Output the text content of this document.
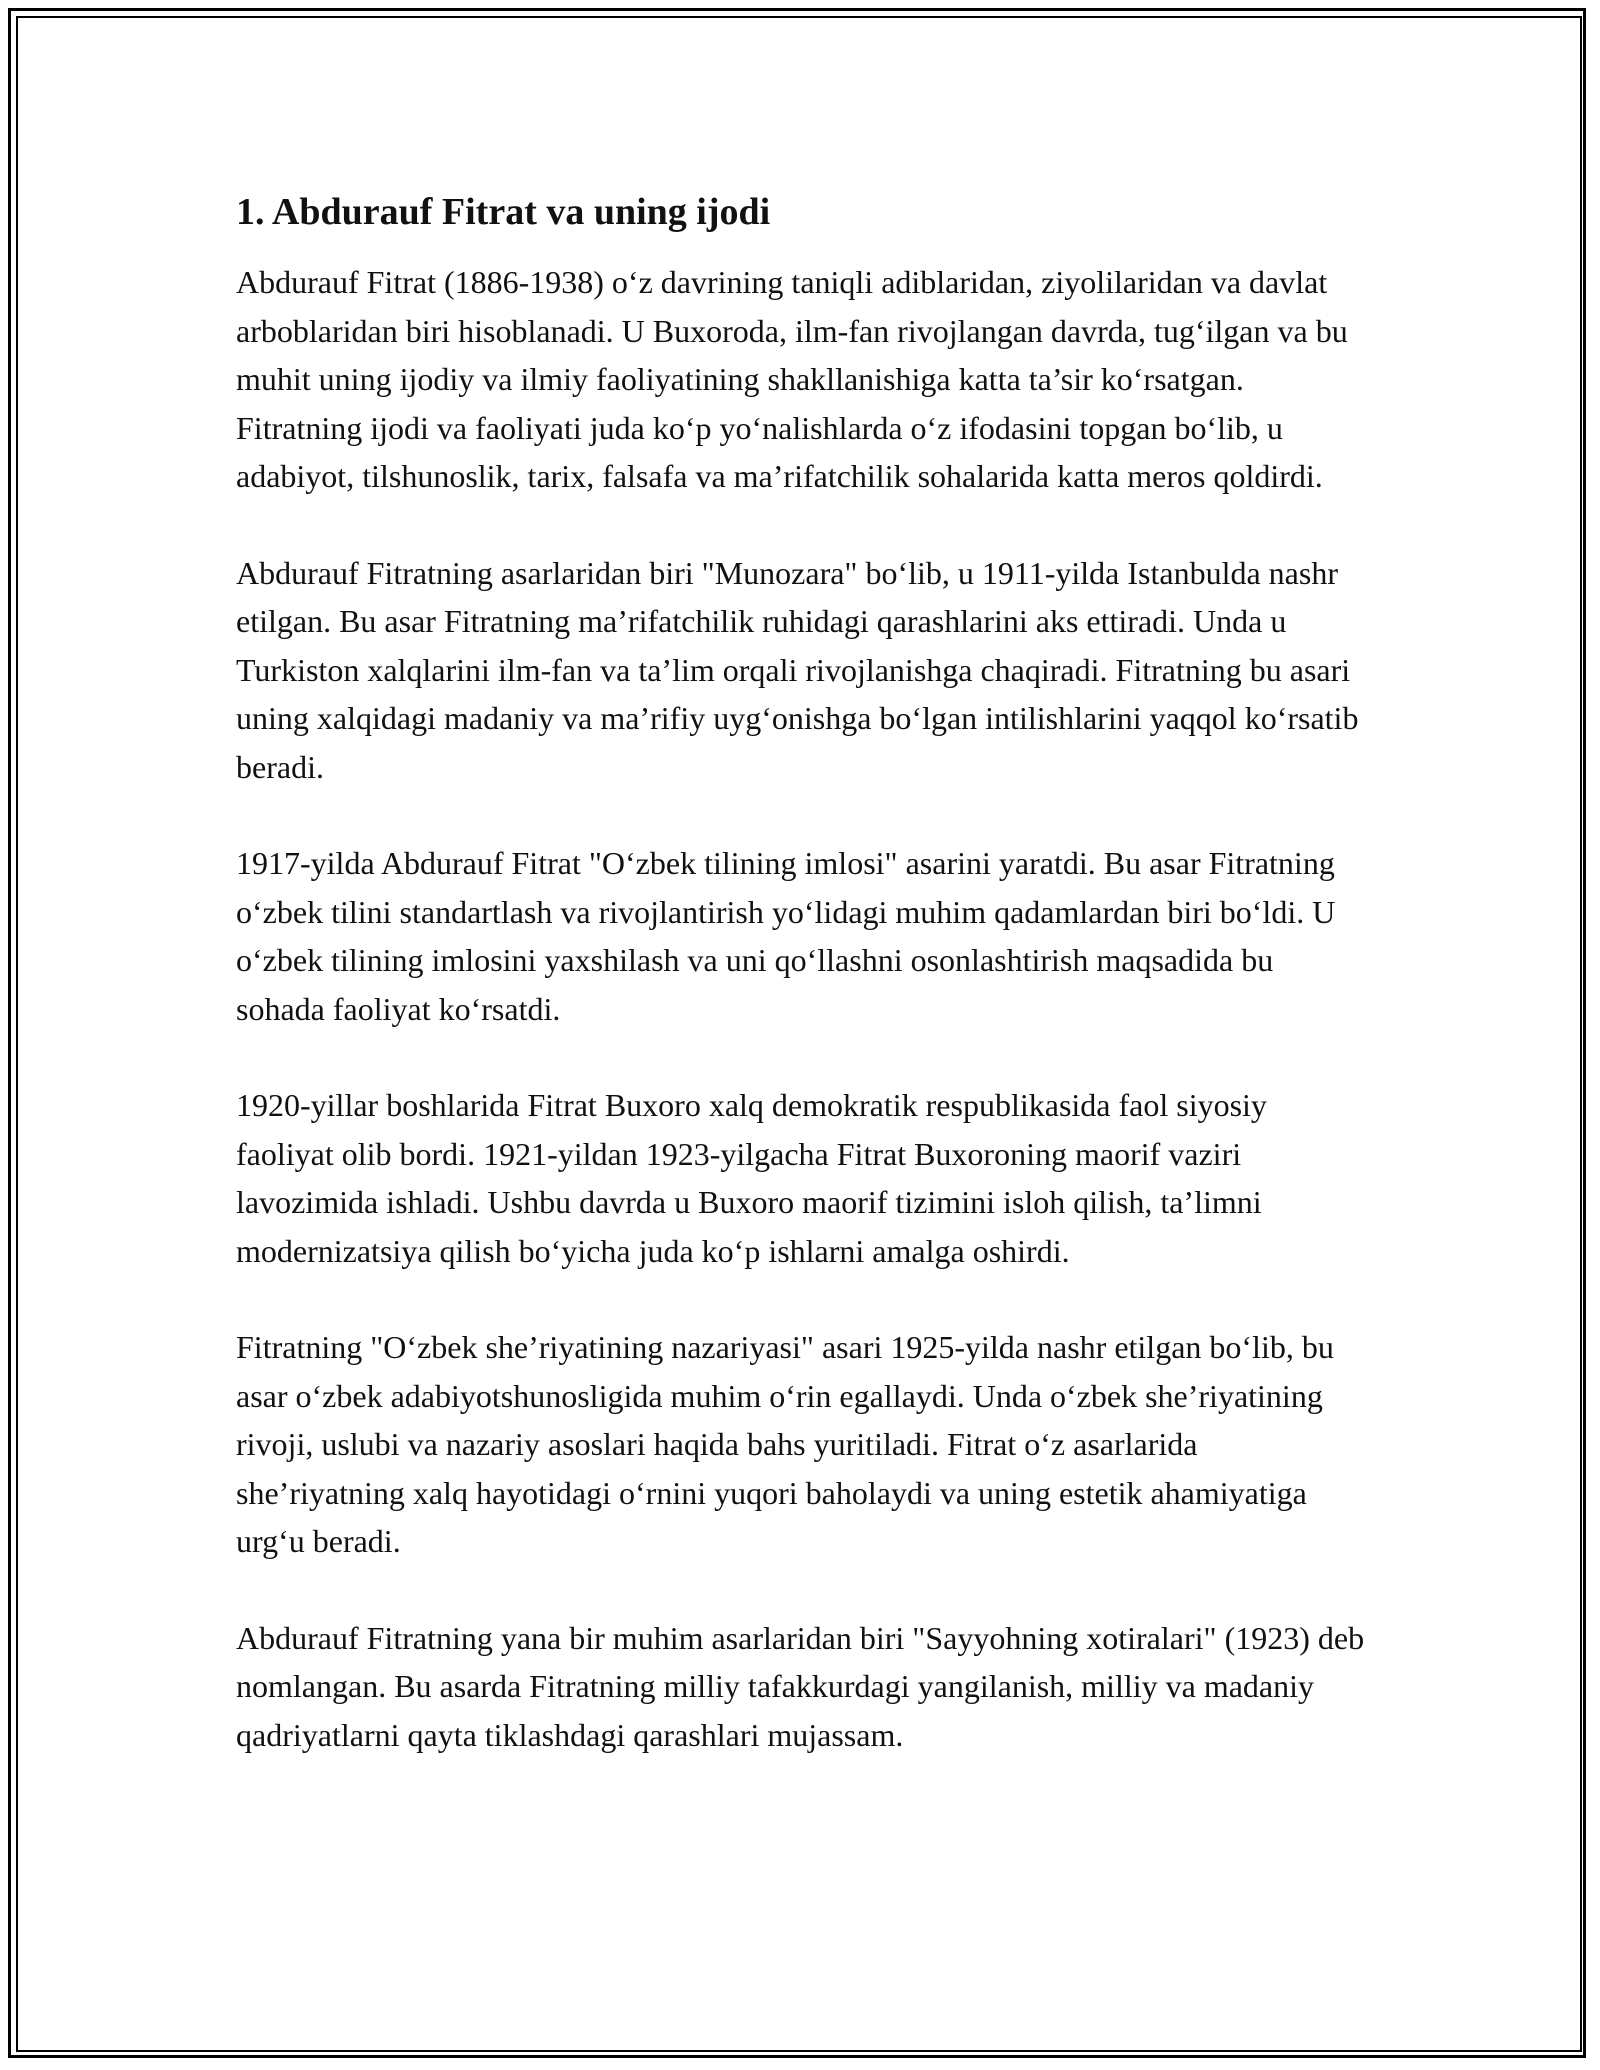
1. Abdurauf Fitrat va uning ijodi

Abdurauf Fitrat (1886-1938) o‘z davrining taniqli adiblaridan, ziyolilaridan va davlat arboblaridan biri hisoblanadi. U Buxoroda, ilm-fan rivojlangan davrda, tug‘ilgan va bu muhit uning ijodiy va ilmiy faoliyatining shakllanishiga katta ta’sir ko‘rsatgan. Fitratning ijodi va faoliyati juda ko‘p yo‘nalishlarda o‘z ifodasini topgan bo‘lib, u adabiyot, tilshunoslik, tarix, falsafa va ma’rifatchilik sohalarida katta meros qoldirdi.

Abdurauf Fitratning asarlaridan biri "Munozara" bo‘lib, u 1911-yilda Istanbulda nashr etilgan. Bu asar Fitratning ma’rifatchilik ruhidagi qarashlarini aks ettiradi. Unda u Turkiston xalqlarini ilm-fan va ta’lim orqali rivojlanishga chaqiradi. Fitratning bu asari uning xalqidagi madaniy va ma’rifiy uyg‘onishga bo‘lgan intilishlarini yaqqol ko‘rsatib beradi.

1917-yilda Abdurauf Fitrat "O‘zbek tilining imlosi" asarini yaratdi. Bu asar Fitratning o‘zbek tilini standartlash va rivojlantirish yo‘lidagi muhim qadamlardan biri bo‘ldi. U o‘zbek tilining imlosini yaxshilash va uni qo‘llashni osonlashtirish maqsadida bu sohada faoliyat ko‘rsatdi.

1920-yillar boshlarida Fitrat Buxoro xalq demokratik respublikasida faol siyosiy faoliyat olib bordi. 1921-yildan 1923-yilgacha Fitrat Buxoroning maorif vaziri lavozimida ishladi. Ushbu davrda u Buxoro maorif tizimini isloh qilish, ta’limni modernizatsiya qilish bo‘yicha juda ko‘p ishlarni amalga oshirdi.

Fitratning "O‘zbek she’riyatining nazariyasi" asari 1925-yilda nashr etilgan bo‘lib, bu asar o‘zbek adabiyotshunosligida muhim o‘rin egallaydi. Unda o‘zbek she’riyatining rivoji, uslubi va nazariy asoslari haqida bahs yuritiladi. Fitrat o‘z asarlarida she’riyatning xalq hayotidagi o‘rnini yuqori baholaydi va uning estetik ahamiyatiga urg‘u beradi.

Abdurauf Fitratning yana bir muhim asarlaridan biri "Sayyohning xotiralari" (1923) deb nomlangan. Bu asarda Fitratning milliy tafakkurdagi yangilanish, milliy va madaniy qadriyatlarni qayta tiklashdagi qarashlari mujassam.
